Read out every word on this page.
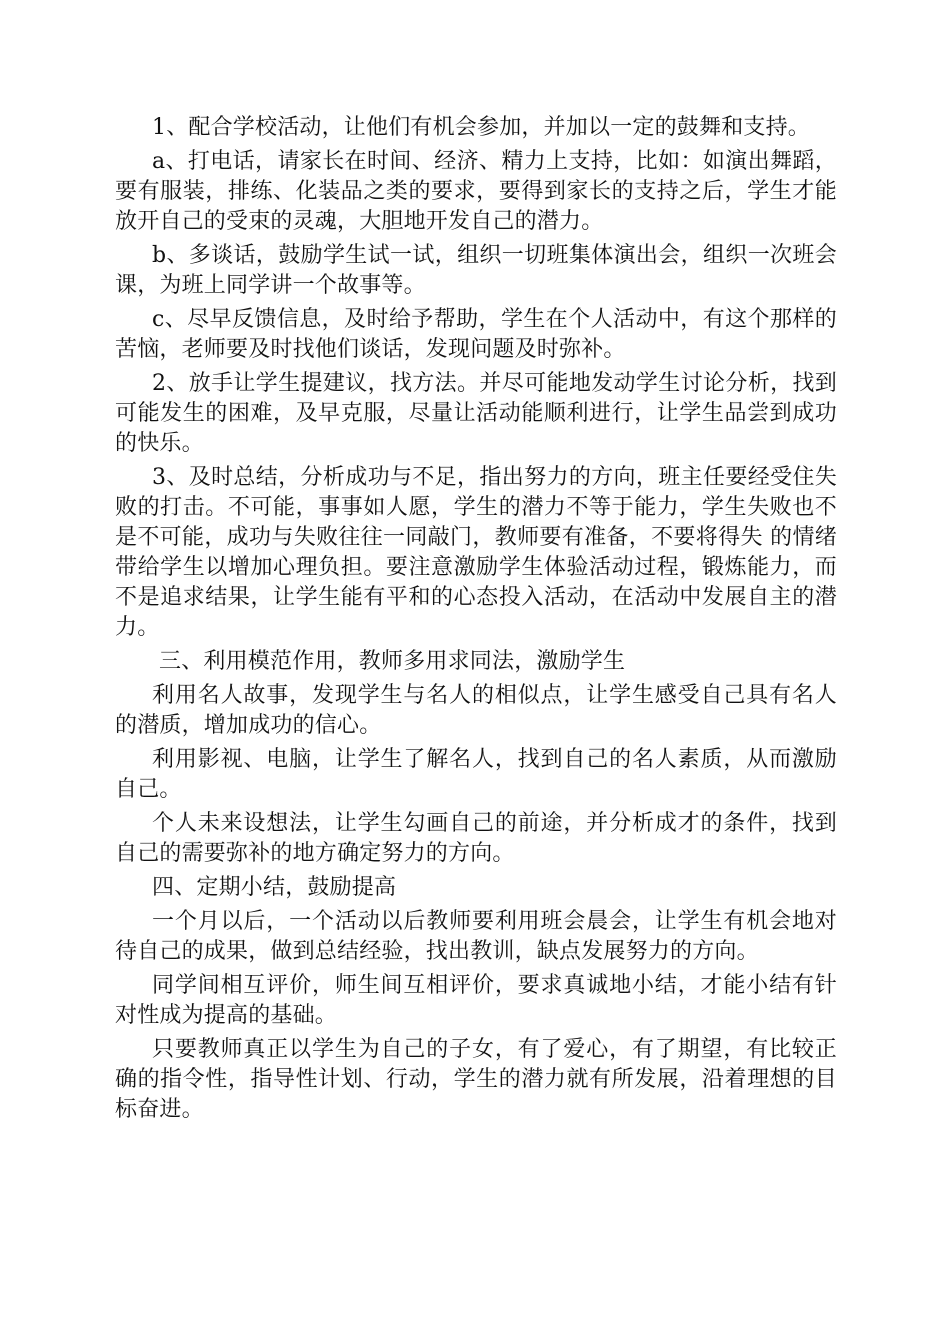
1、配合学校活动，让他们有机会参加，并加以一定的鼓舞和支持。

a、打电话，请家长在时间、经济、精力上支持，比如：如演出舞蹈，要有服装，排练、化装品之类的要求，要得到家长的支持之后，学生才能放开自己的受束的灵魂，大胆地开发自己的潜力。

b、多谈话，鼓励学生试一试，组织一切班集体演出会，组织一次班会课，为班上同学讲一个故事等。

c、尽早反馈信息，及时给予帮助，学生在个人活动中，有这个那样的苦恼，老师要及时找他们谈话，发现问题及时弥补。

2、放手让学生提建议，找方法。并尽可能地发动学生讨论分析，找到可能发生的困难，及早克服，尽量让活动能顺利进行，让学生品尝到成功的快乐。

3、及时总结，分析成功与不足，指出努力的方向，班主任要经受住失败的打击。不可能，事事如人愿，学生的潜力不等于能力，学生失败也不是不可能，成功与失败往往一同敲门，教师要有准备，不要将得失 的情绪带给学生以增加心理负担。要注意激励学生体验活动过程，锻炼能力，而不是追求结果，让学生能有平和的心态投入活动，在活动中发展自主的潜力。

三、利用模范作用，教师多用求同法，激励学生

利用名人故事，发现学生与名人的相似点，让学生感受自己具有名人的潜质，增加成功的信心。

利用影视、电脑，让学生了解名人，找到自己的名人素质，从而激励自己。

个人未来设想法，让学生勾画自己的前途，并分析成才的条件，找到自己的需要弥补的地方确定努力的方向。

四、定期小结，鼓励提高

一个月以后，一个活动以后教师要利用班会晨会，让学生有机会地对待自己的成果，做到总结经验，找出教训，缺点发展努力的方向。

同学间相互评价，师生间互相评价，要求真诚地小结，才能小结有针对性成为提高的基础。

只要教师真正以学生为自己的子女，有了爱心，有了期望，有比较正确的指令性，指导性计划、行动，学生的潜力就有所发展，沿着理想的目标奋进。
